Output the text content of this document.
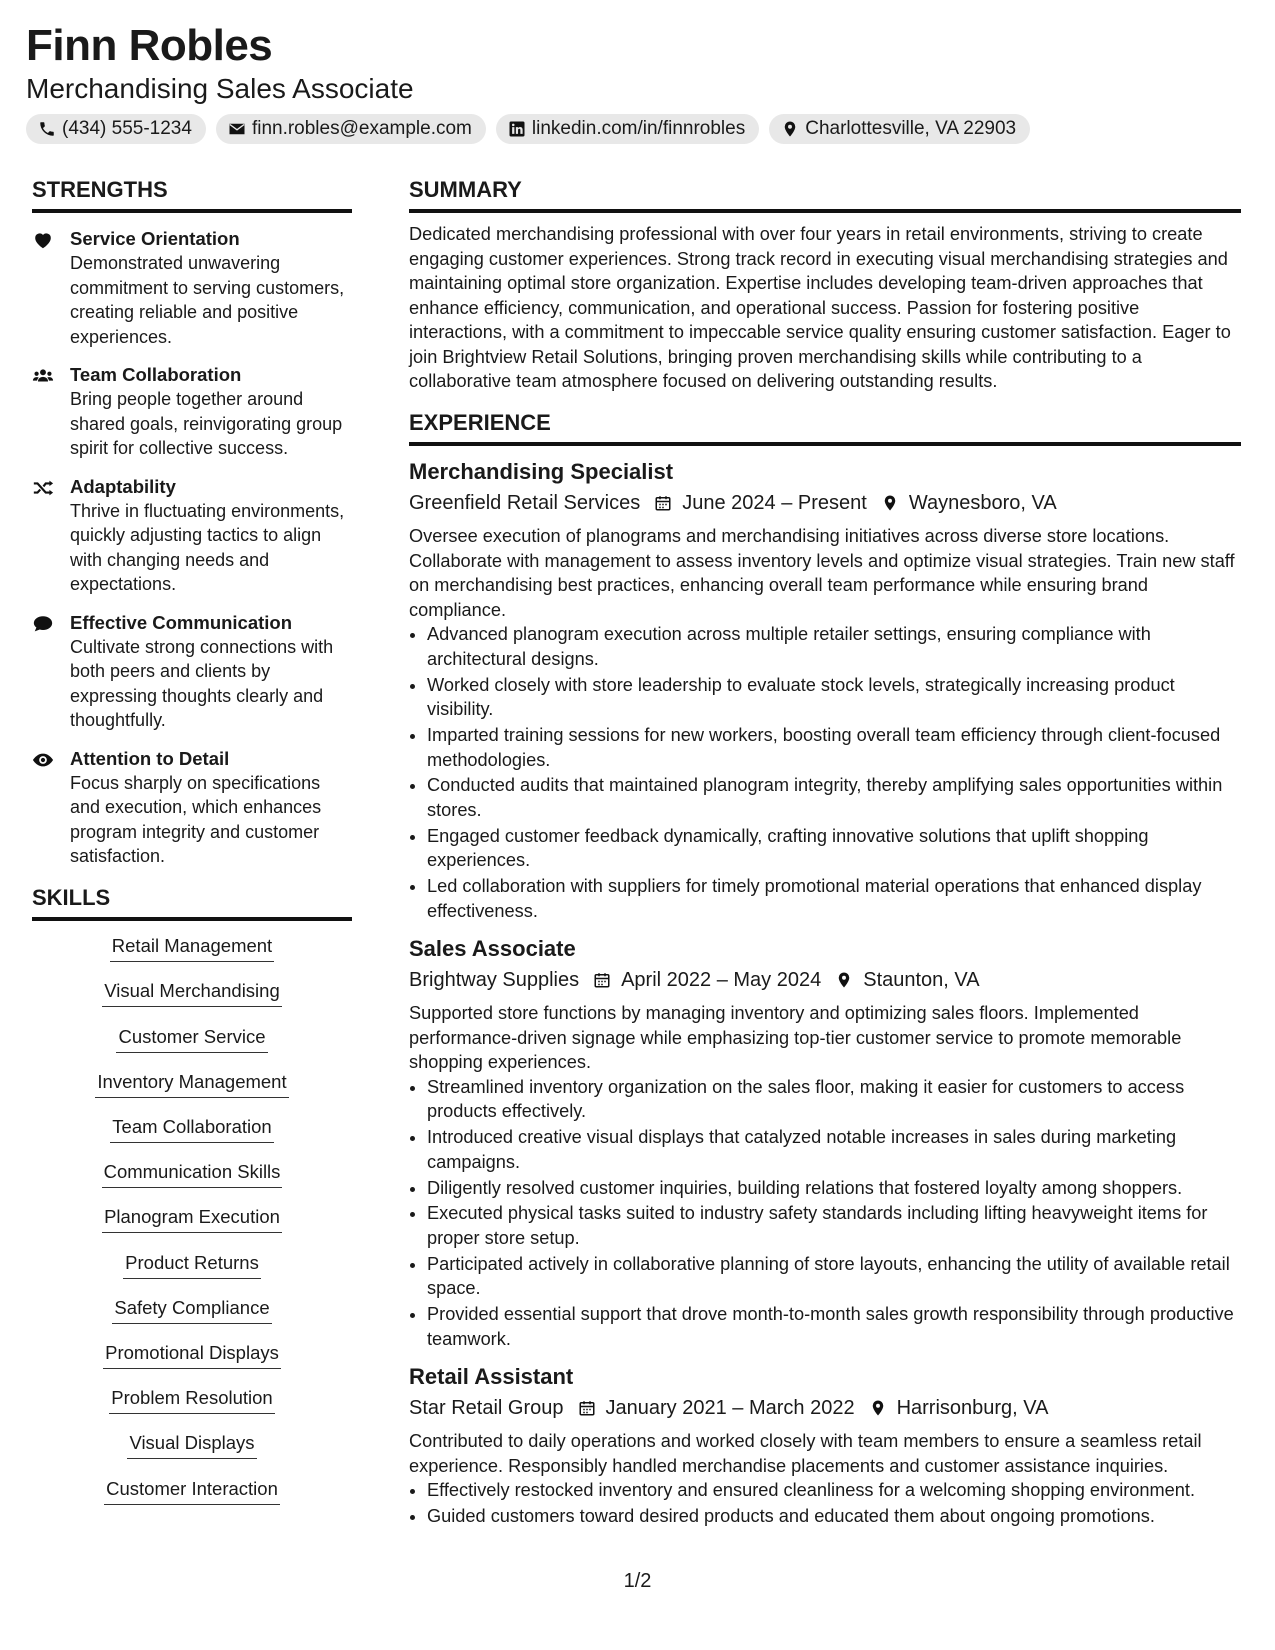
Finn Robles
Merchandising Sales Associate
(434) 555-1234	finn.robles@example.com	linkedin.com/in/finnrobles	Charlottesville, VA 22903
STRENGTHS
Service Orientation
Demonstrated unwavering commitment to serving customers, creating reliable and positive experiences.
Team Collaboration
Bring people together around shared goals, reinvigorating group spirit for collective success.
Adaptability
Thrive in fluctuating environments, quickly adjusting tactics to align with changing needs and expectations.
Effective Communication
Cultivate strong connections with both peers and clients by expressing thoughts clearly and thoughtfully.
Attention to Detail
Focus sharply on specifications and execution, which enhances program integrity and customer satisfaction.
SKILLS
Retail Management
Visual Merchandising
Customer Service
Inventory Management
Team Collaboration
Communication Skills
Planogram Execution
Product Returns
Safety Compliance
Promotional Displays
Problem Resolution
Visual Displays
Customer Interaction
SUMMARY
Dedicated merchandising professional with over four years in retail environments, striving to create engaging customer experiences. Strong track record in executing visual merchandising strategies and maintaining optimal store organization. Expertise includes developing team-driven approaches that enhance efficiency, communication, and operational success. Passion for fostering positive interactions, with a commitment to impeccable service quality ensuring customer satisfaction. Eager to join Brightview Retail Solutions, bringing proven merchandising skills while contributing to a collaborative team atmosphere focused on delivering outstanding results.
EXPERIENCE
Merchandising Specialist
Greenfield Retail Services June 2024 – Present Waynesboro, VA
Oversee execution of planograms and merchandising initiatives across diverse store locations. Collaborate with management to assess inventory levels and optimize visual strategies. Train new staff on merchandising best practices, enhancing overall team performance while ensuring brand compliance.
• Advanced planogram execution across multiple retailer settings, ensuring compliance with architectural designs.
• Worked closely with store leadership to evaluate stock levels, strategically increasing product visibility.
• Imparted training sessions for new workers, boosting overall team efficiency through client-focused methodologies.
• Conducted audits that maintained planogram integrity, thereby amplifying sales opportunities within stores.
• Engaged customer feedback dynamically, crafting innovative solutions that uplift shopping experiences.
• Led collaboration with suppliers for timely promotional material operations that enhanced display effectiveness.
Sales Associate
Brightway Supplies April 2022 – May 2024 Staunton, VA
Supported store functions by managing inventory and optimizing sales floors. Implemented performance-driven signage while emphasizing top-tier customer service to promote memorable shopping experiences.
• Streamlined inventory organization on the sales floor, making it easier for customers to access products effectively.
• Introduced creative visual displays that catalyzed notable increases in sales during marketing campaigns.
• Diligently resolved customer inquiries, building relations that fostered loyalty among shoppers.
• Executed physical tasks suited to industry safety standards including lifting heavyweight items for proper store setup.
• Participated actively in collaborative planning of store layouts, enhancing the utility of available retail space.
• Provided essential support that drove month-to-month sales growth responsibility through productive teamwork.
Retail Assistant
Star Retail Group January 2021 – March 2022 Harrisonburg, VA
Contributed to daily operations and worked closely with team members to ensure a seamless retail experience. Responsibly handled merchandise placements and customer assistance inquiries.
• Effectively restocked inventory and ensured cleanliness for a welcoming shopping environment.
• Guided customers toward desired products and educated them about ongoing promotions.
1/2
